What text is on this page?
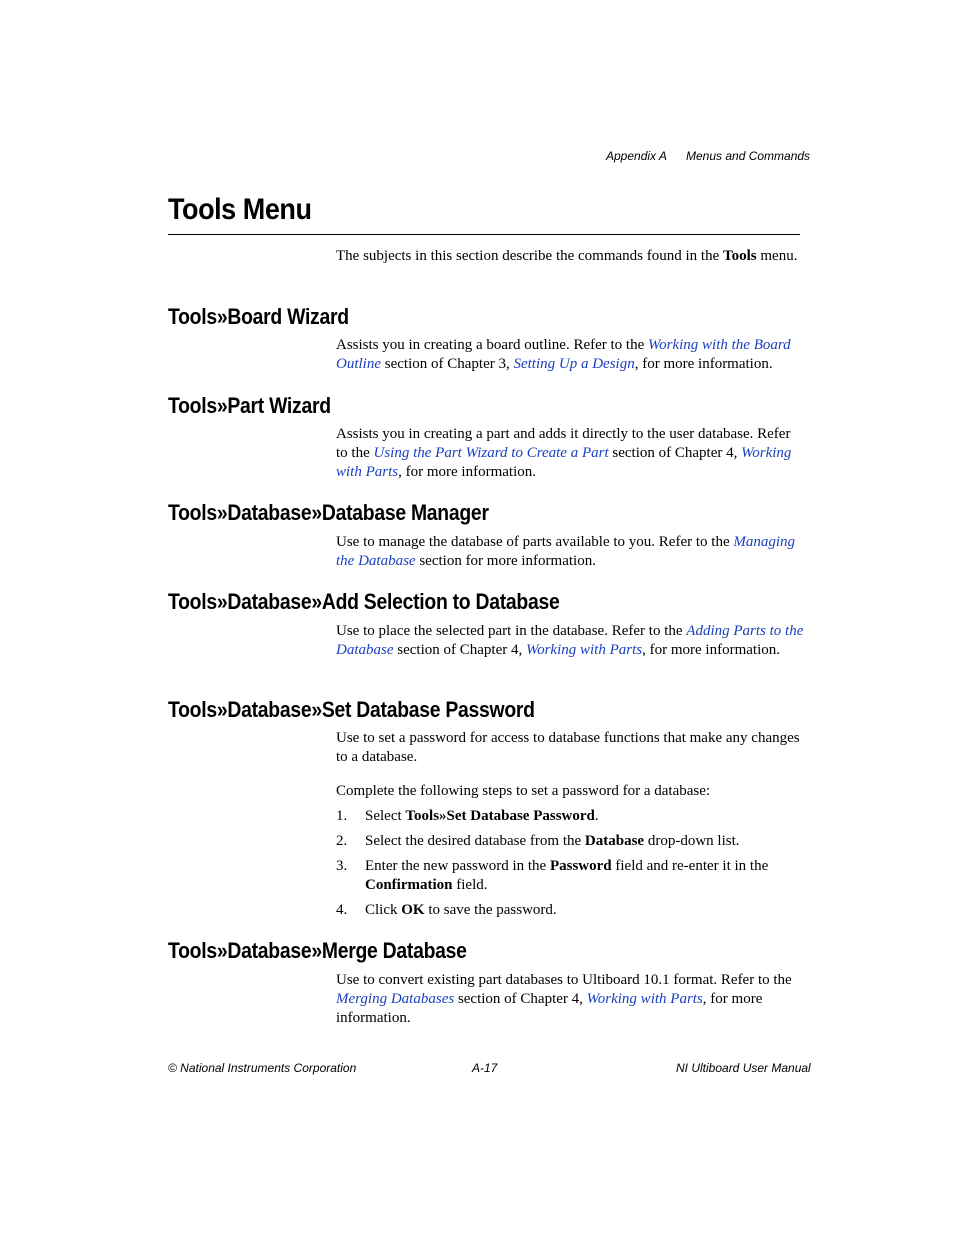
Appendix A Menus and Commands
Tools Menu

The subjects in this section describe the commands found in the Tools menu.

Tools»Board Wizard

Assists you in creating a board outline. Refer to the Working with the Board Outline section of Chapter 3, Setting Up a Design, for more information.

Tools»Part Wizard

Assists you in creating a part and adds it directly to the user database. Refer to the Using the Part Wizard to Create a Part section of Chapter 4, Working with Parts, for more information.

Tools»Database»Database Manager

Use to manage the database of parts available to you. Refer to the Managing the Database section for more information.

Tools»Database»Add Selection to Database

Use to place the selected part in the database. Refer to the Adding Parts to the Database section of Chapter 4, Working with Parts, for more information.

Tools»Database»Set Database Password

Use to set a password for access to database functions that make any changes to a database.

Complete the following steps to set a password for a database:

1. Select Tools»Set Database Password.
2. Select the desired database from the Database drop-down list.
3. Enter the new password in the Password field and re-enter it in the Confirmation field.
4. Click OK to save the password.
Tools»Database»Merge Database

Use to convert existing part databases to Ultiboard 10.1 format. Refer to the Merging Databases section of Chapter 4, Working with Parts, for more information.

© National Instruments Corporation	A-17	NI Ultiboard User Manual
